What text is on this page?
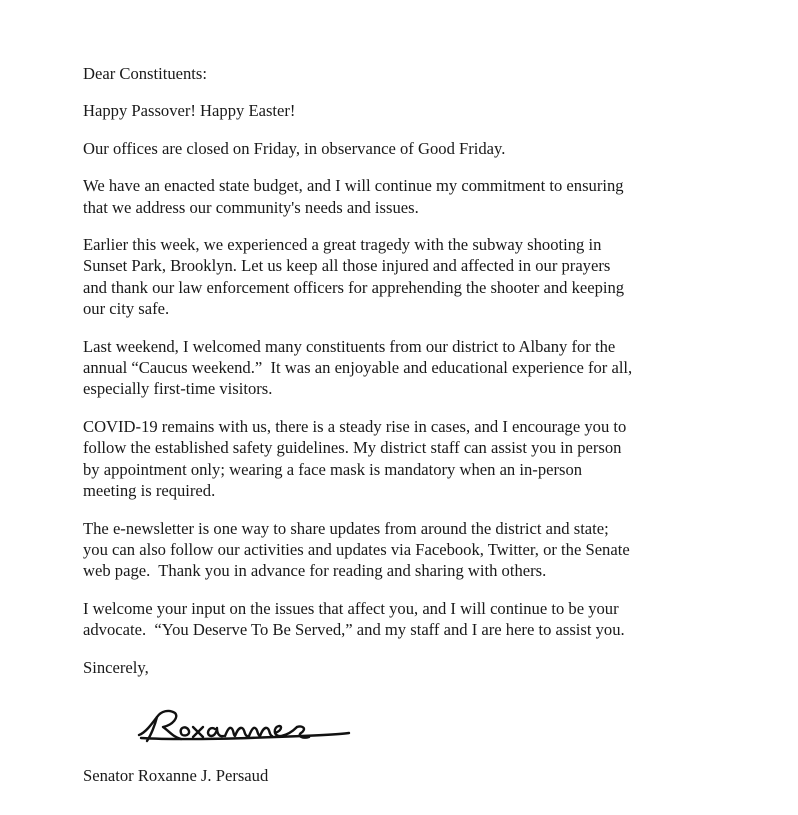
Dear Constituents:

Happy Passover! Happy Easter!

Our offices are closed on Friday, in observance of Good Friday.

We have an enacted state budget, and I will continue my commitment to ensuring
that we address our community's needs and issues.

Earlier this week, we experienced a great tragedy with the subway shooting in
Sunset Park, Brooklyn. Let us keep all those injured and affected in our prayers
and thank our law enforcement officers for apprehending the shooter and keeping
our city safe.

Last weekend, I welcomed many constituents from our district to Albany for the
annual “Caucus weekend.”  It was an enjoyable and educational experience for all,
especially first-time visitors.

COVID-19 remains with us, there is a steady rise in cases, and I encourage you to
follow the established safety guidelines. My district staff can assist you in person
by appointment only; wearing a face mask is mandatory when an in-person
meeting is required.

The e-newsletter is one way to share updates from around the district and state;
you can also follow our activities and updates via Facebook, Twitter, or the Senate
web page.  Thank you in advance for reading and sharing with others.

I welcome your input on the issues that affect you, and I will continue to be your
advocate.  “You Deserve To Be Served,” and my staff and I are here to assist you.

Sincerely,

Senator Roxanne J. Persaud
